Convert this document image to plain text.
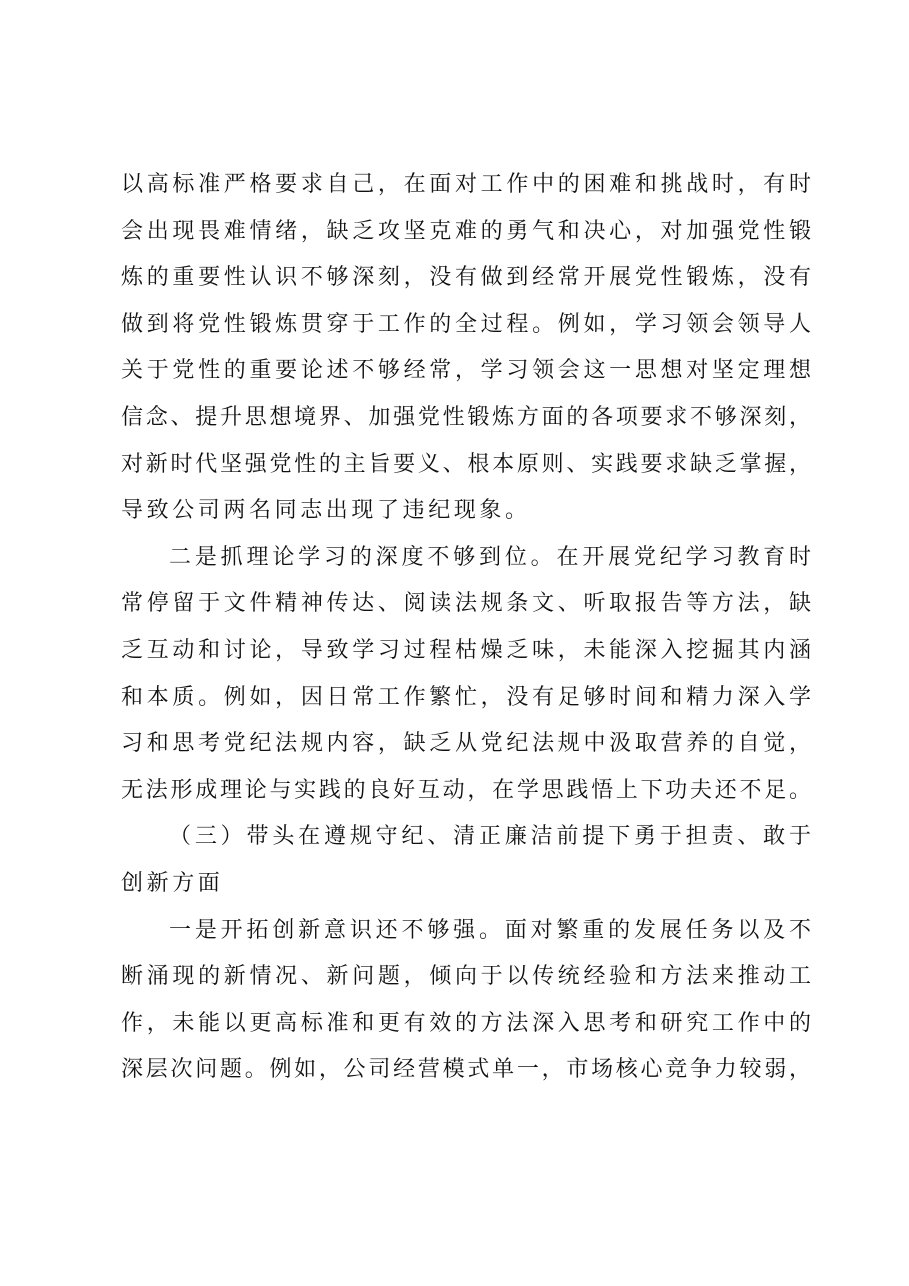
以高标准严格要求自己，在面对工作中的困难和挑战时，有时
会出现畏难情绪，缺乏攻坚克难的勇气和决心，对加强党性锻
炼的重要性认识不够深刻，没有做到经常开展党性锻炼，没有
做到将党性锻炼贯穿于工作的全过程。例如，学习领会领导人
关于党性的重要论述不够经常，学习领会这一思想对坚定理想
信念、提升思想境界、加强党性锻炼方面的各项要求不够深刻，
对新时代坚强党性的主旨要义、根本原则、实践要求缺乏掌握，
导致公司两名同志出现了违纪现象。
二是抓理论学习的深度不够到位。在开展党纪学习教育时
常停留于文件精神传达、阅读法规条文、听取报告等方法，缺
乏互动和讨论，导致学习过程枯燥乏味，未能深入挖掘其内涵
和本质。例如，因日常工作繁忙，没有足够时间和精力深入学
习和思考党纪法规内容，缺乏从党纪法规中汲取营养的自觉，
无法形成理论与实践的良好互动，在学思践悟上下功夫还不足。
（三）带头在遵规守纪、清正廉洁前提下勇于担责、敢于
创新方面
一是开拓创新意识还不够强。面对繁重的发展任务以及不
断涌现的新情况、新问题，倾向于以传统经验和方法来推动工
作，未能以更高标准和更有效的方法深入思考和研究工作中的
深层次问题。例如，公司经营模式单一，市场核心竞争力较弱，
